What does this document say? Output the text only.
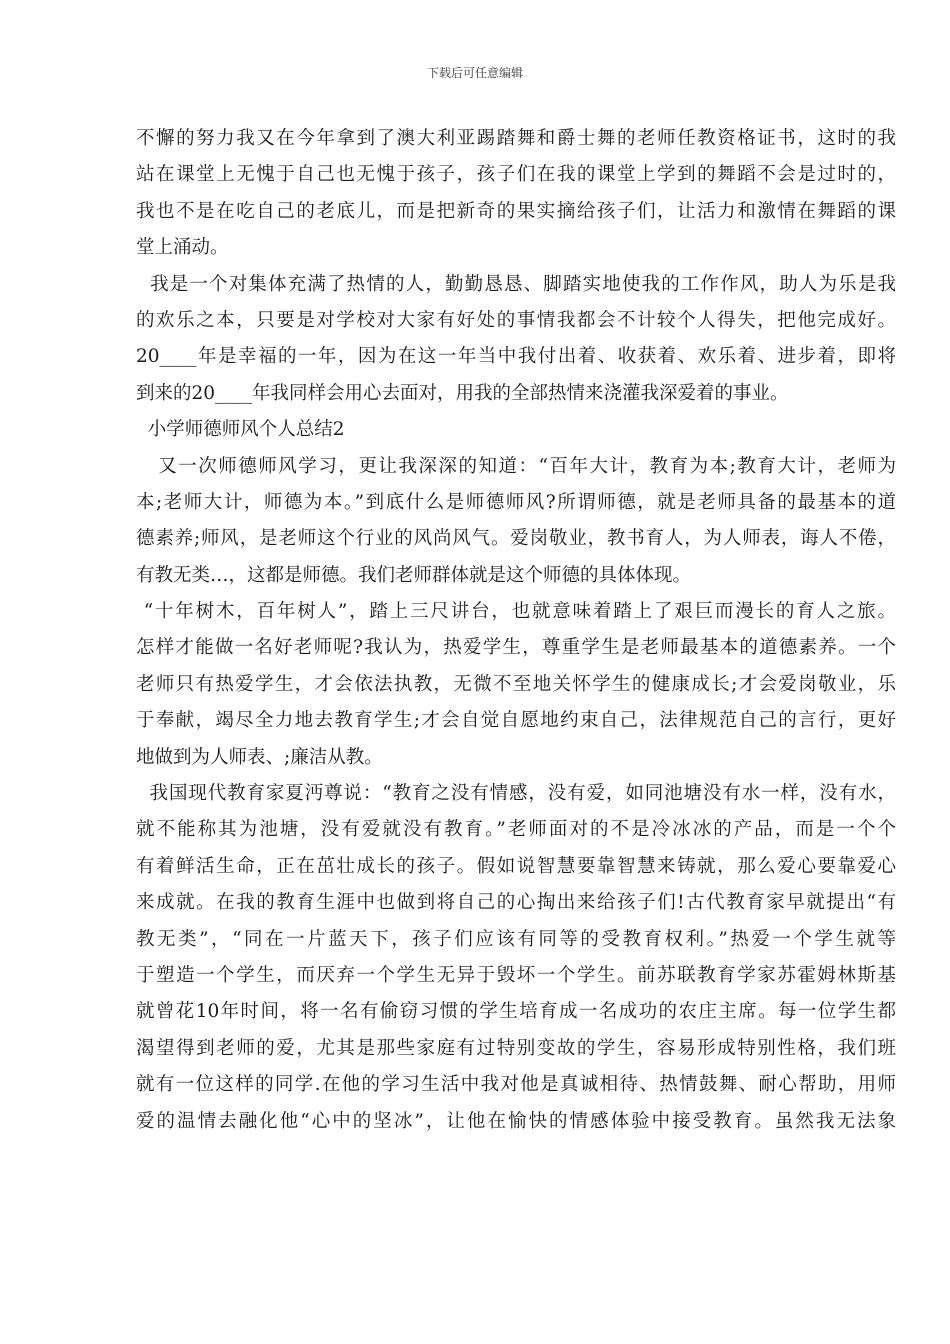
下载后可任意编辑
不懈的努力我又在今年拿到了澳大利亚踢踏舞和爵士舞的老师任教资格证书，这时的我
站在课堂上无愧于自己也无愧于孩子，孩子们在我的课堂上学到的舞蹈不会是过时的，
我也不是在吃自己的老底儿，而是把新奇的果实摘给孩子们，让活力和激情在舞蹈的课
堂上涌动。
我是一个对集体充满了热情的人，勤勤恳恳、脚踏实地使我的工作作风，助人为乐是我
的欢乐之本，只要是对学校对大家有好处的事情我都会不计较个人得失，把他完成好。
20____年是幸福的一年，因为在这一年当中我付出着、收获着、欢乐着、进步着，即将
到来的20____年我同样会用心去面对，用我的全部热情来浇灌我深爱着的事业。
小学师德师风个人总结2
又一次师德师风学习，更让我深深的知道：“百年大计，教育为本;教育大计，老师为
本;老师大计，师德为本。”到底什么是师德师风?所谓师德，就是老师具备的最基本的道
德素养;师风，是老师这个行业的风尚风气。爱岗敬业，教书育人，为人师表，诲人不倦，
有教无类…，这都是师德。我们老师群体就是这个师德的具体体现。
“十年树木，百年树人”，踏上三尺讲台，也就意味着踏上了艰巨而漫长的育人之旅。
怎样才能做一名好老师呢?我认为，热爱学生，尊重学生是老师最基本的道德素养。一个
老师只有热爱学生，才会依法执教，无微不至地关怀学生的健康成长;才会爱岗敬业，乐
于奉献，竭尽全力地去教育学生;才会自觉自愿地约束自己，法律规范自己的言行，更好
地做到为人师表、;廉洁从教。
我国现代教育家夏沔尊说：“教育之没有情感，没有爱，如同池塘没有水一样，没有水，
就不能称其为池塘，没有爱就没有教育。”老师面对的不是冷冰冰的产品，而是一个个
有着鲜活生命，正在茁壮成长的孩子。假如说智慧要靠智慧来铸就，那么爱心要靠爱心
来成就。在我的教育生涯中也做到将自己的心掏出来给孩子们!古代教育家早就提出“有
教无类”，“同在一片蓝天下，孩子们应该有同等的受教育权利。”热爱一个学生就等
于塑造一个学生，而厌弃一个学生无异于毁坏一个学生。前苏联教育学家苏霍姆林斯基
就曾花10年时间，将一名有偷窃习惯的学生培育成一名成功的农庄主席。每一位学生都
渴望得到老师的爱，尤其是那些家庭有过特别变故的学生，容易形成特别性格，我们班
就有一位这样的同学.在他的学习生活中我对他是真诚相待、热情鼓舞、耐心帮助，用师
爱的温情去融化他“心中的坚冰”，让他在愉快的情感体验中接受教育。虽然我无法象
